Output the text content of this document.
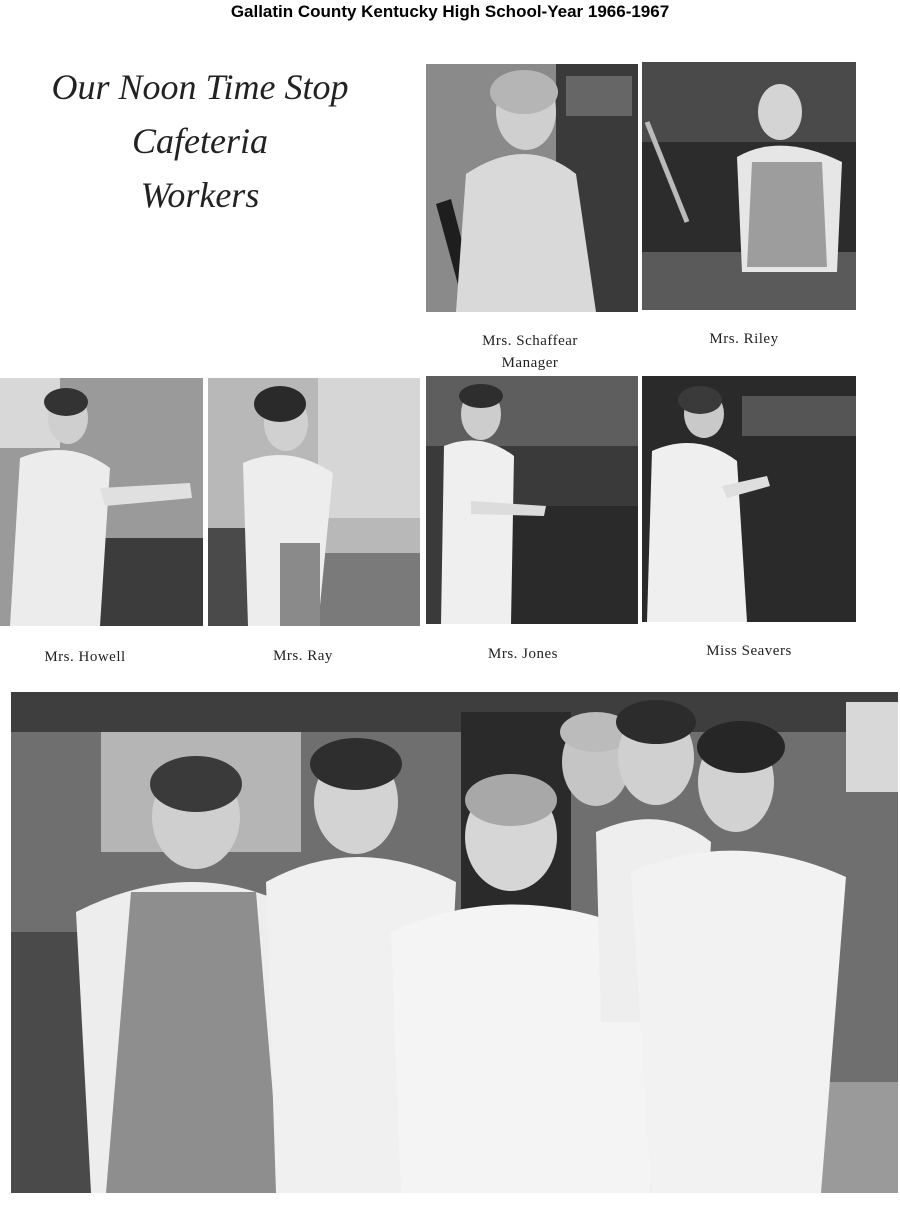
Gallatin County Kentucky High School-Year 1966-1967
Our Noon Time Stop
Cafeteria
Workers
Mrs. Schaffear
Manager
Mrs. Riley
Mrs. Howell	Mrs. Ray	Mrs. Jones	Miss Seavers
